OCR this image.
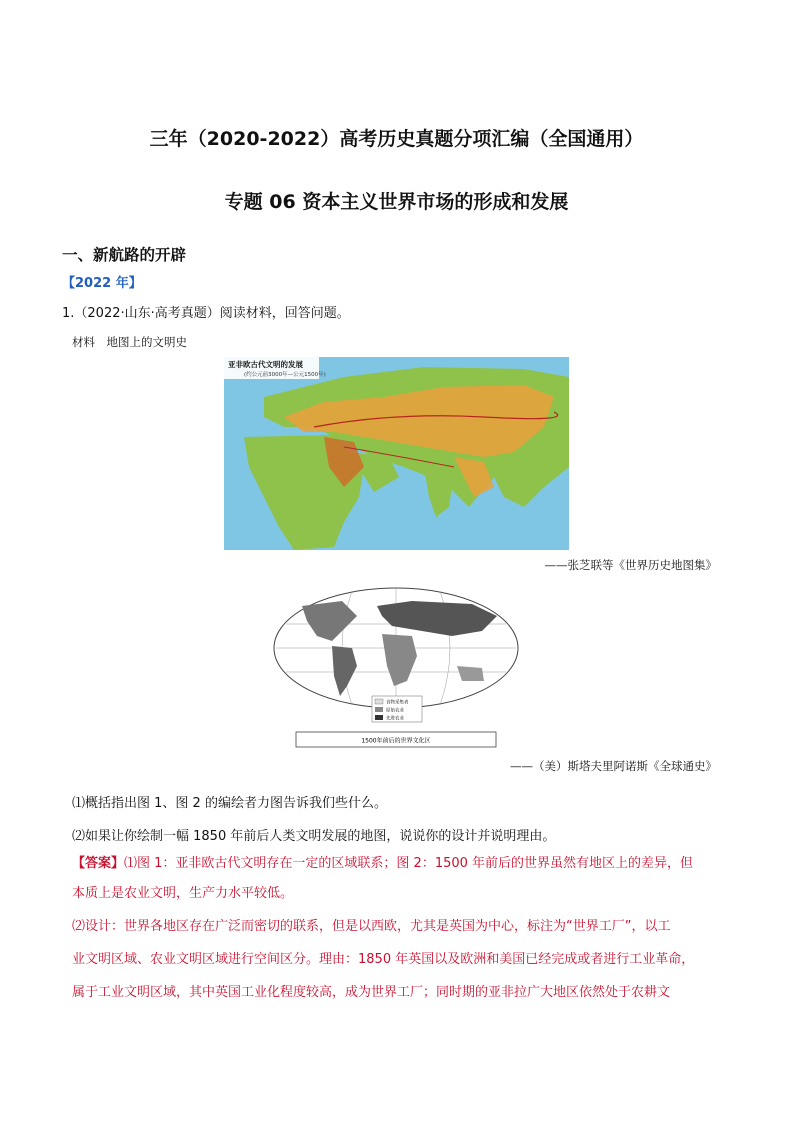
三年（2020-2022）高考历史真题分项汇编（全国通用）
专题 06 资本主义世界市场的形成和发展
一、新航路的开辟
【2022 年】
1.（2022·山东·高考真题）阅读材料，回答问题。
材料　地图上的文明史
亚非欧古代文明的发展
(约公元前3000年—公元1500年)
——张芝联等《世界历史地图集》
食物采集者
原始农业
先进农业
1500年前后的世界文化区
——（美）斯塔夫里阿诺斯《全球通史》
⑴概括指出图 1、图 2 的编绘者力图告诉我们些什么。
⑵如果让你绘制一幅 1850 年前后人类文明发展的地图，说说你的设计并说明理由。
【答案】⑴图 1：亚非欧古代文明存在一定的区域联系；图 2：1500 年前后的世界虽然有地区上的差异，但
本质上是农业文明，生产力水平较低。
⑵设计：世界各地区存在广泛而密切的联系，但是以西欧，尤其是英国为中心，标注为“世界工厂”，以工
业文明区域、农业文明区域进行空间区分。理由：1850 年英国以及欧洲和美国已经完成或者进行工业革命，
属于工业文明区域，其中英国工业化程度较高，成为世界工厂；同时期的亚非拉广大地区依然处于农耕文
